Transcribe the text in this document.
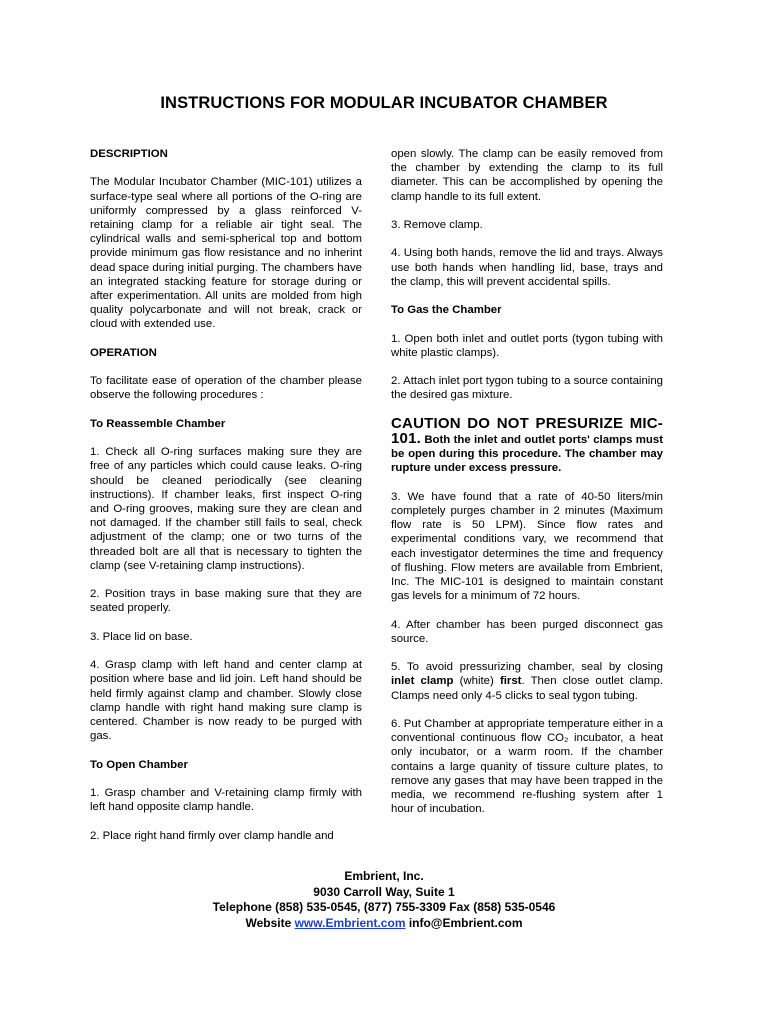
INSTRUCTIONS FOR MODULAR INCUBATOR CHAMBER

DESCRIPTION

The Modular Incubator Chamber (MIC-101) utilizes a surface-type seal where all portions of the O-ring are uniformly compressed by a glass reinforced V-retaining clamp for a reliable air tight seal. The cylindrical walls and semi-spherical top and bottom provide minimum gas flow resistance and no inherint dead space during initial purging. The chambers have an integrated stacking feature for storage during or after experimentation. All units are molded from high quality polycarbonate and will not break, crack or cloud with extended use.

OPERATION

To facilitate ease of operation of the chamber please observe the following procedures :

To Reassemble Chamber

1. Check all O-ring surfaces making sure they are free of any particles which could cause leaks. O-ring should be cleaned periodically (see cleaning instructions). If chamber leaks, first inspect O-ring and O-ring grooves, making sure they are clean and not damaged. If the chamber still fails to seal, check adjustment of the clamp; one or two turns of the threaded bolt are all that is necessary to tighten the clamp (see V-retaining clamp instructions).

2. Position trays in base making sure that they are seated properly.

3. Place lid on base.

4. Grasp clamp with left hand and center clamp at position where base and lid join. Left hand should be held firmly against clamp and chamber. Slowly close clamp handle with right hand making sure clamp is centered. Chamber is now ready to be purged with gas.

To Open Chamber

1. Grasp chamber and V-retaining clamp firmly with left hand opposite clamp handle.

2. Place right hand firmly over clamp handle and

open slowly. The clamp can be easily removed from the chamber by extending the clamp to its full diameter. This can be accomplished by opening the clamp handle to its full extent.

3. Remove clamp.

4. Using both hands, remove the lid and trays. Always use both hands when handling lid, base, trays and the clamp, this will prevent accidental spills.

To Gas the Chamber

1. Open both inlet and outlet ports (tygon tubing with white plastic clamps).

2. Attach inlet port tygon tubing to a source containing the desired gas mixture.

CAUTION DO NOT PRESURIZE MIC-101. Both the inlet and outlet ports' clamps must be open during this procedure. The chamber may rupture under excess pressure.

3. We have found that a rate of 40-50 liters/min completely purges chamber in 2 minutes (Maximum flow rate is 50 LPM). Since flow rates and experimental conditions vary, we recommend that each investigator determines the time and frequency of flushing. Flow meters are available from Embrient, Inc. The MIC-101 is designed to maintain constant gas levels for a minimum of 72 hours.

4. After chamber has been purged disconnect gas source.

5. To avoid pressurizing chamber, seal by closing inlet clamp (white) first. Then close outlet clamp. Clamps need only 4-5 clicks to seal tygon tubing.

6. Put Chamber at appropriate temperature either in a conventional continuous flow CO₂ incubator, a heat only incubator, or a warm room. If the chamber contains a large quanity of tissure culture plates, to remove any gases that may have been trapped in the media, we recommend re-flushing system after 1 hour of incubation.

Embrient, Inc.
9030 Carroll Way, Suite 1
Telephone (858) 535-0545, (877) 755-3309 Fax (858) 535-0546
Website www.Embrient.com info@Embrient.com
